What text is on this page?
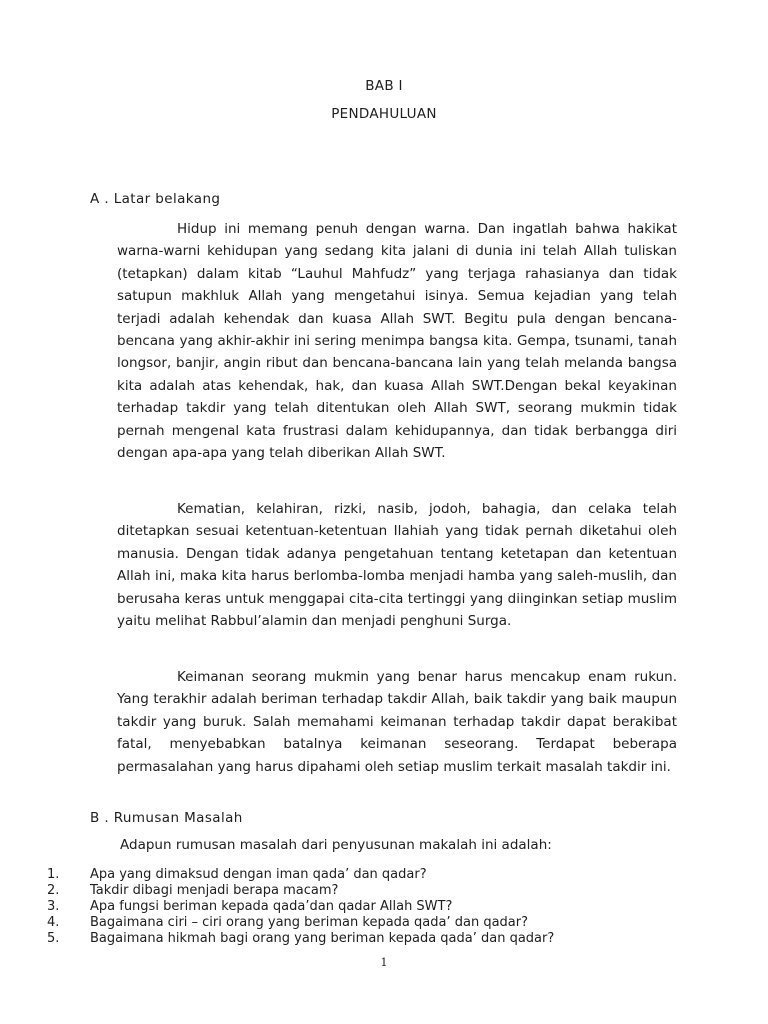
BAB I
PENDAHULUAN
A . Latar belakang

Hidup ini memang penuh dengan warna. Dan ingatlah bahwa hakikat warna-warni kehidupan yang sedang kita jalani di dunia ini telah Allah tuliskan (tetapkan) dalam kitab “Lauhul Mahfudz” yang terjaga rahasianya dan tidak satupun makhluk Allah yang mengetahui isinya. Semua kejadian yang telah terjadi adalah kehendak dan kuasa Allah SWT. Begitu pula dengan bencana-bencana yang akhir-akhir ini sering menimpa bangsa kita. Gempa, tsunami, tanah longsor, banjir, angin ribut dan bencana-bancana lain yang telah melanda bangsa kita adalah atas kehendak, hak, dan kuasa Allah SWT.Dengan bekal keyakinan terhadap takdir yang telah ditentukan oleh Allah SWT, seorang mukmin tidak pernah mengenal kata frustrasi dalam kehidupannya, dan tidak berbangga diri dengan apa-apa yang telah diberikan Allah SWT.

Kematian, kelahiran, rizki, nasib, jodoh, bahagia, dan celaka telah ditetapkan sesuai ketentuan-ketentuan Ilahiah yang tidak pernah diketahui oleh manusia. Dengan tidak adanya pengetahuan tentang ketetapan dan ketentuan Allah ini, maka kita harus berlomba-lomba menjadi hamba yang saleh-muslih, dan berusaha keras untuk menggapai cita-cita tertinggi yang diinginkan setiap muslim yaitu melihat Rabbul’alamin dan menjadi penghuni Surga.

Keimanan seorang mukmin yang benar harus mencakup enam rukun. Yang terakhir adalah beriman terhadap takdir Allah, baik takdir yang baik maupun takdir yang buruk. Salah memahami keimanan terhadap takdir dapat berakibat fatal, menyebabkan batalnya keimanan seseorang. Terdapat beberapa permasalahan yang harus dipahami oleh setiap muslim terkait masalah takdir ini.

B . Rumusan Masalah

Adapun rumusan masalah dari penyusunan makalah ini adalah:

1.	Apa yang dimaksud dengan iman qada’ dan qadar?
2.	Takdir dibagi menjadi berapa macam?
3.	Apa fungsi beriman kepada qada’dan qadar Allah SWT?
4.	Bagaimana ciri – ciri orang yang beriman kepada qada’ dan qadar?
5.	Bagaimana hikmah bagi orang yang beriman kepada qada’ dan qadar?
1
